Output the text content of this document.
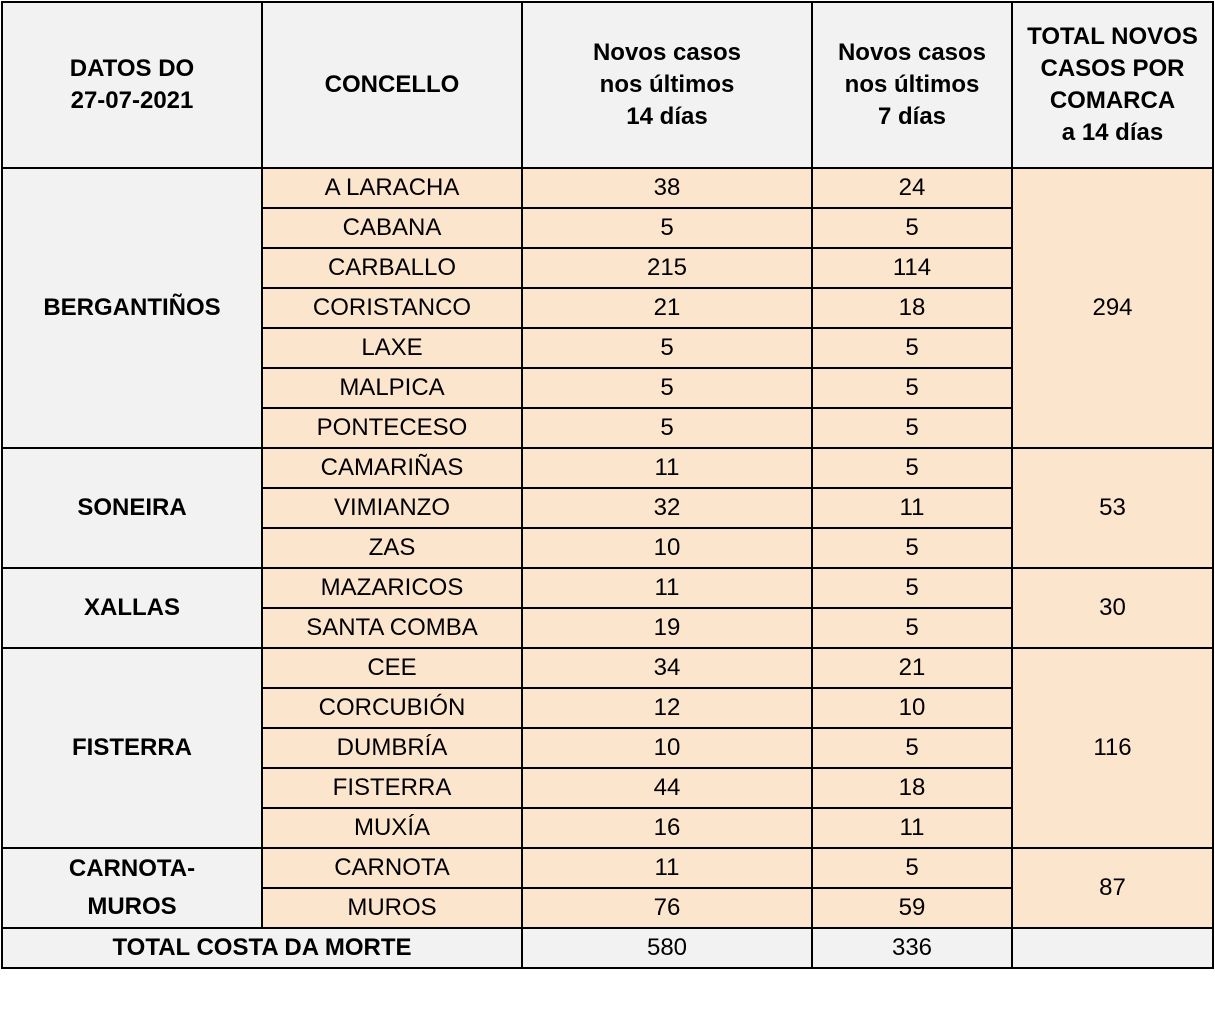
DATOS DO
27-07-2021	CONCELLO	Novos casos
nos últimos
14 días	Novos casos
nos últimos
7 días	TOTAL NOVOS
CASOS POR
COMARCA
a 14 días
BERGANTIÑOS	A LARACHA	38	24	294
	CABANA	5	5	
	CARBALLO	215	114	
	CORISTANCO	21	18	
	LAXE	5	5	
	MALPICA	5	5	
	PONTECESO	5	5	
SONEIRA	CAMARIÑAS	11	5	53
	VIMIANZO	32	11	
	ZAS	10	5	
XALLAS	MAZARICOS	11	5	30
	SANTA COMBA	19	5	
FISTERRA	CEE	34	21	116
	CORCUBIÓN	12	10	
	DUMBRÍA	10	5	
	FISTERRA	44	18	
	MUXÍA	16	11	
CARNOTA-
MUROS	CARNOTA	11	5	87
	MUROS	76	59	
TOTAL COSTA DA MORTE		580	336	
